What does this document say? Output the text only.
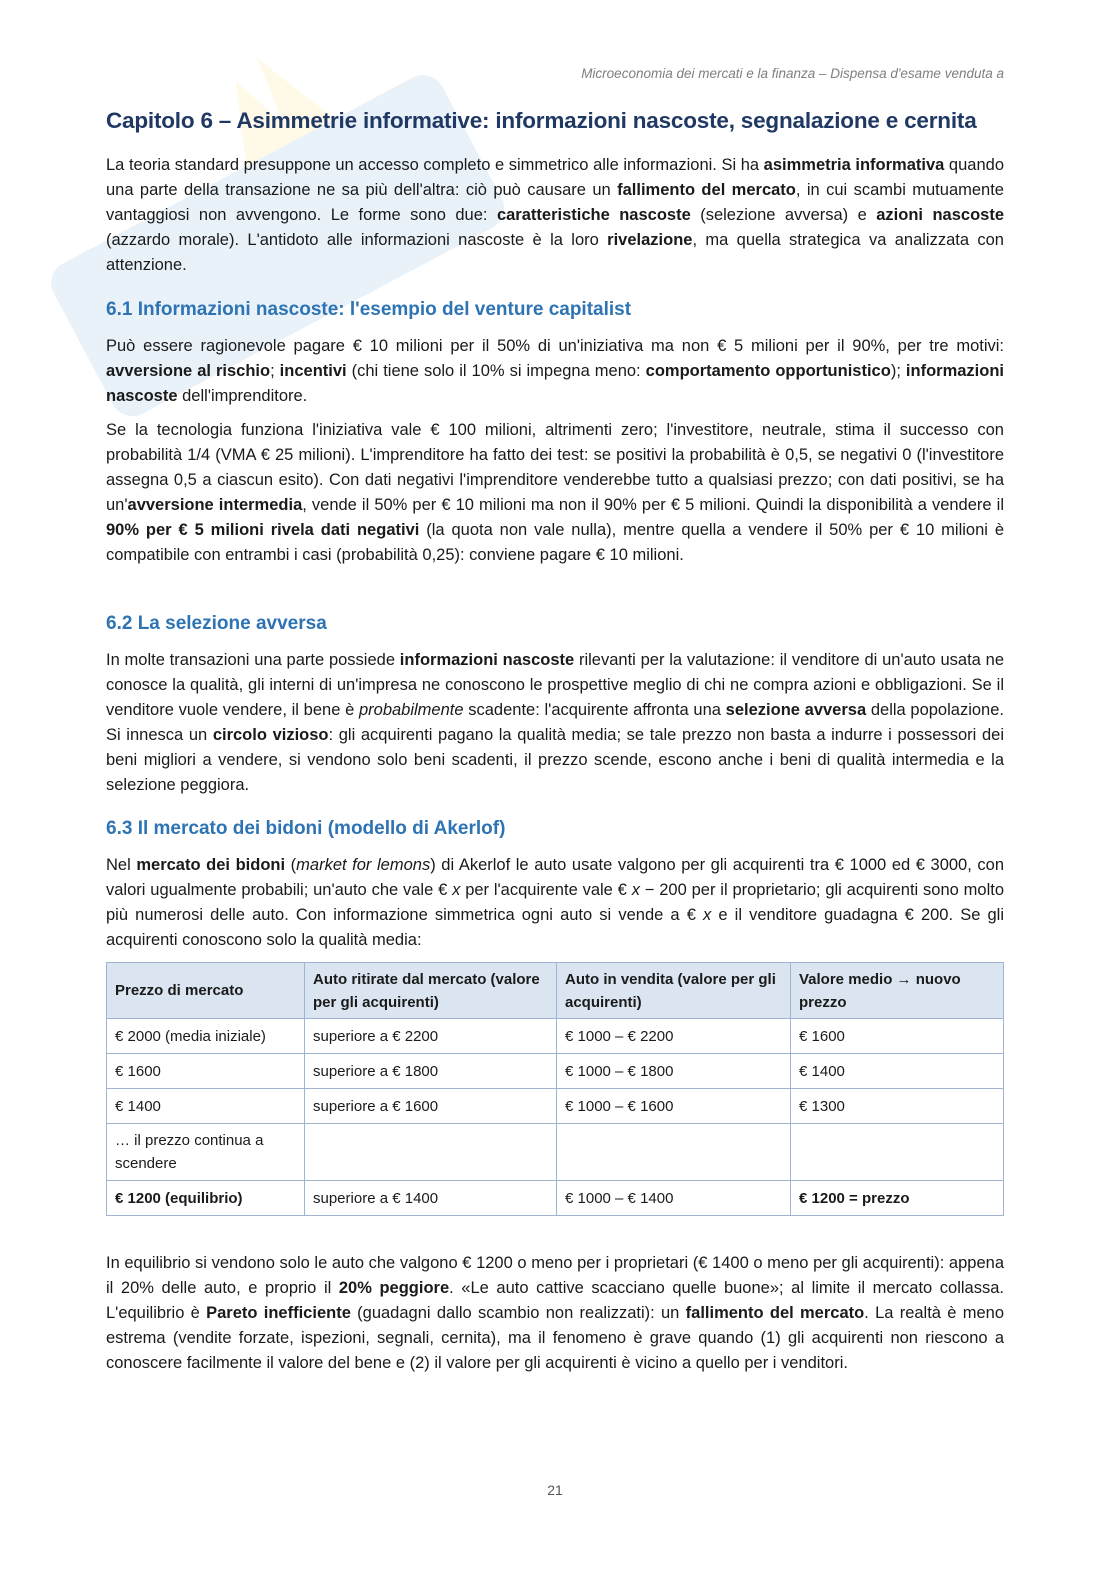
Microeconomia dei mercati e la finanza – Dispensa d'esame venduta a
Capitolo 6 – Asimmetrie informative: informazioni nascoste, segnalazione e cernita

La teoria standard presuppone un accesso completo e simmetrico alle informazioni. Si ha asimmetria informativa quando una parte della transazione ne sa più dell'altra: ciò può causare un fallimento del mercato, in cui scambi mutuamente vantaggiosi non avvengono. Le forme sono due: caratteristiche nascoste (selezione avversa) e azioni nascoste (azzardo morale). L'antidoto alle informazioni nascoste è la loro rivelazione, ma quella strategica va analizzata con attenzione.

6.1 Informazioni nascoste: l'esempio del venture capitalist

Può essere ragionevole pagare € 10 milioni per il 50% di un'iniziativa ma non € 5 milioni per il 90%, per tre motivi: avversione al rischio; incentivi (chi tiene solo il 10% si impegna meno: comportamento opportunistico); informazioni nascoste dell'imprenditore.

Se la tecnologia funziona l'iniziativa vale € 100 milioni, altrimenti zero; l'investitore, neutrale, stima il successo con probabilità 1/4 (VMA € 25 milioni). L'imprenditore ha fatto dei test: se positivi la probabilità è 0,5, se negativi 0 (l'investitore assegna 0,5 a ciascun esito). Con dati negativi l'imprenditore venderebbe tutto a qualsiasi prezzo; con dati positivi, se ha un'avversione intermedia, vende il 50% per € 10 milioni ma non il 90% per € 5 milioni. Quindi la disponibilità a vendere il 90% per € 5 milioni rivela dati negativi (la quota non vale nulla), mentre quella a vendere il 50% per € 10 milioni è compatibile con entrambi i casi (probabilità 0,25): conviene pagare € 10 milioni.

6.2 La selezione avversa

In molte transazioni una parte possiede informazioni nascoste rilevanti per la valutazione: il venditore di un'auto usata ne conosce la qualità, gli interni di un'impresa ne conoscono le prospettive meglio di chi ne compra azioni e obbligazioni. Se il venditore vuole vendere, il bene è probabilmente scadente: l'acquirente affronta una selezione avversa della popolazione. Si innesca un circolo vizioso: gli acquirenti pagano la qualità media; se tale prezzo non basta a indurre i possessori dei beni migliori a vendere, si vendono solo beni scadenti, il prezzo scende, escono anche i beni di qualità intermedia e la selezione peggiora.

6.3 Il mercato dei bidoni (modello di Akerlof)

Nel mercato dei bidoni (market for lemons) di Akerlof le auto usate valgono per gli acquirenti tra € 1000 ed € 3000, con valori ugualmente probabili; un'auto che vale € x per l'acquirente vale € x − 200 per il proprietario; gli acquirenti sono molto più numerosi delle auto. Con informazione simmetrica ogni auto si vende a € x e il venditore guadagna € 200. Se gli acquirenti conoscono solo la qualità media:

Prezzo di mercato	Auto ritirate dal mercato (valore per gli acquirenti)	Auto in vendita (valore per gli acquirenti)	Valore medio → nuovo prezzo
€ 2000 (media iniziale)	superiore a € 2200	€ 1000 – € 2200	€ 1600
€ 1600	superiore a € 1800	€ 1000 – € 1800	€ 1400
€ 1400	superiore a € 1600	€ 1000 – € 1600	€ 1300
… il prezzo continua a scendere			
€ 1200 (equilibrio)	superiore a € 1400	€ 1000 – € 1400	€ 1200 = prezzo

In equilibrio si vendono solo le auto che valgono € 1200 o meno per i proprietari (€ 1400 o meno per gli acquirenti): appena il 20% delle auto, e proprio il 20% peggiore. «Le auto cattive scacciano quelle buone»; al limite il mercato collassa. L'equilibrio è Pareto inefficiente (guadagni dallo scambio non realizzati): un fallimento del mercato. La realtà è meno estrema (vendite forzate, ispezioni, segnali, cernita), ma il fenomeno è grave quando (1) gli acquirenti non riescono a conoscere facilmente il valore del bene e (2) il valore per gli acquirenti è vicino a quello per i venditori.

21
